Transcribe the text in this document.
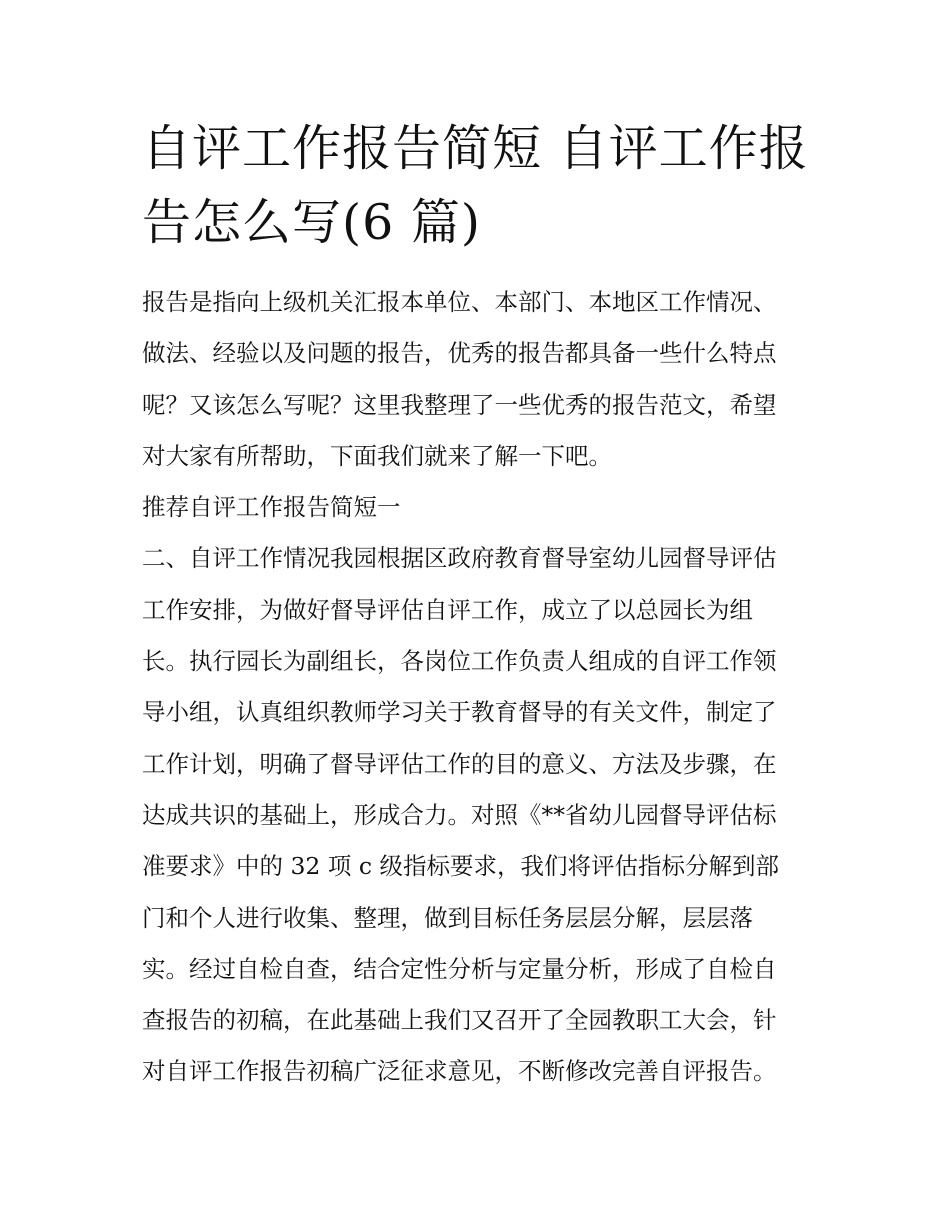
自评工作报告简短 自评工作报
告怎么写(6 篇)
报告是指向上级机关汇报本单位、本部门、本地区工作情况、
做法、经验以及问题的报告，优秀的报告都具备一些什么特点
呢？又该怎么写呢？这里我整理了一些优秀的报告范文，希望
对大家有所帮助，下面我们就来了解一下吧。
推荐自评工作报告简短一
二、自评工作情况我园根据区政府教育督导室幼儿园督导评估
工作安排，为做好督导评估自评工作，成立了以总园长为组
长。执行园长为副组长，各岗位工作负责人组成的自评工作领
导小组，认真组织教师学习关于教育督导的有关文件，制定了
工作计划，明确了督导评估工作的目的意义、方法及步骤，在
达成共识的基础上，形成合力。对照《**省幼儿园督导评估标
准要求》中的 32 项 c 级指标要求，我们将评估指标分解到部
门和个人进行收集、整理，做到目标任务层层分解，层层落
实。经过自检自查，结合定性分析与定量分析，形成了自检自
查报告的初稿，在此基础上我们又召开了全园教职工大会，针
对自评工作报告初稿广泛征求意见，不断修改完善自评报告。
